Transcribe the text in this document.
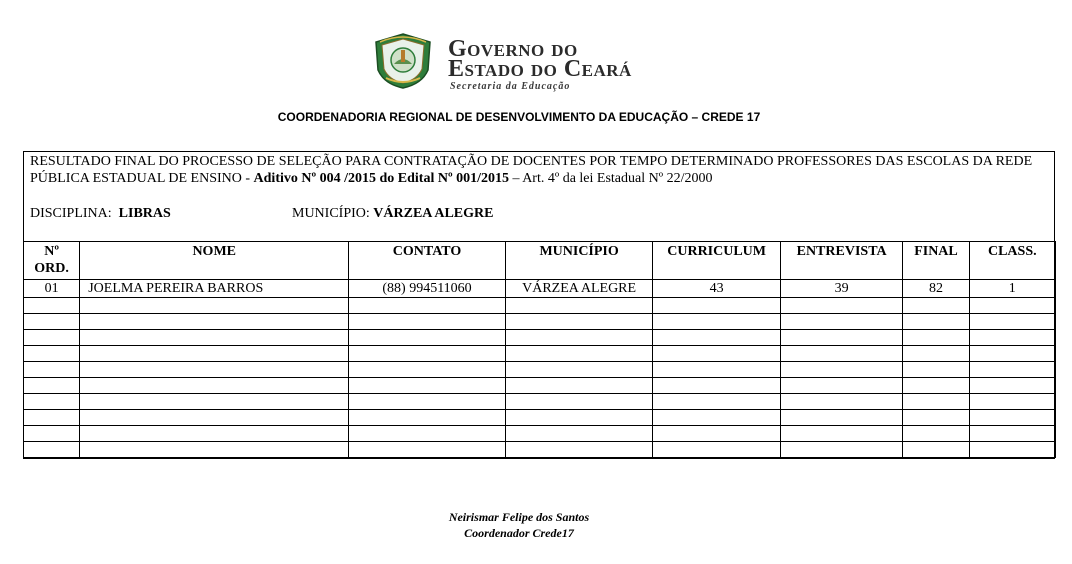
Governo do
Estado do Ceará
Secretaria da Educação
COORDENADORIA REGIONAL DE DESENVOLVIMENTO DA EDUCAÇÃO – CREDE 17
RESULTADO FINAL DO PROCESSO DE SELEÇÃO PARA CONTRATAÇÃO DE DOCENTES POR TEMPO DETERMINADO PROFESSORES DAS ESCOLAS DA REDE PÚBLICA ESTADUAL DE ENSINO - Aditivo Nº 004 /2015 do Edital Nº 001/2015 – Art. 4º da lei Estadual Nº 22/2000
DISCIPLINA:  LIBRAS	MUNICÍPIO: VÁRZEA ALEGRE
Nº
ORD.	NOME	CONTATO	MUNICÍPIO	CURRICULUM	ENTREVISTA	FINAL	CLASS.
01	JOELMA PEREIRA BARROS	(88) 994511060	VÁRZEA ALEGRE	43	39	82	1

Neirismar Felipe dos Santos
Coordenador Crede17
